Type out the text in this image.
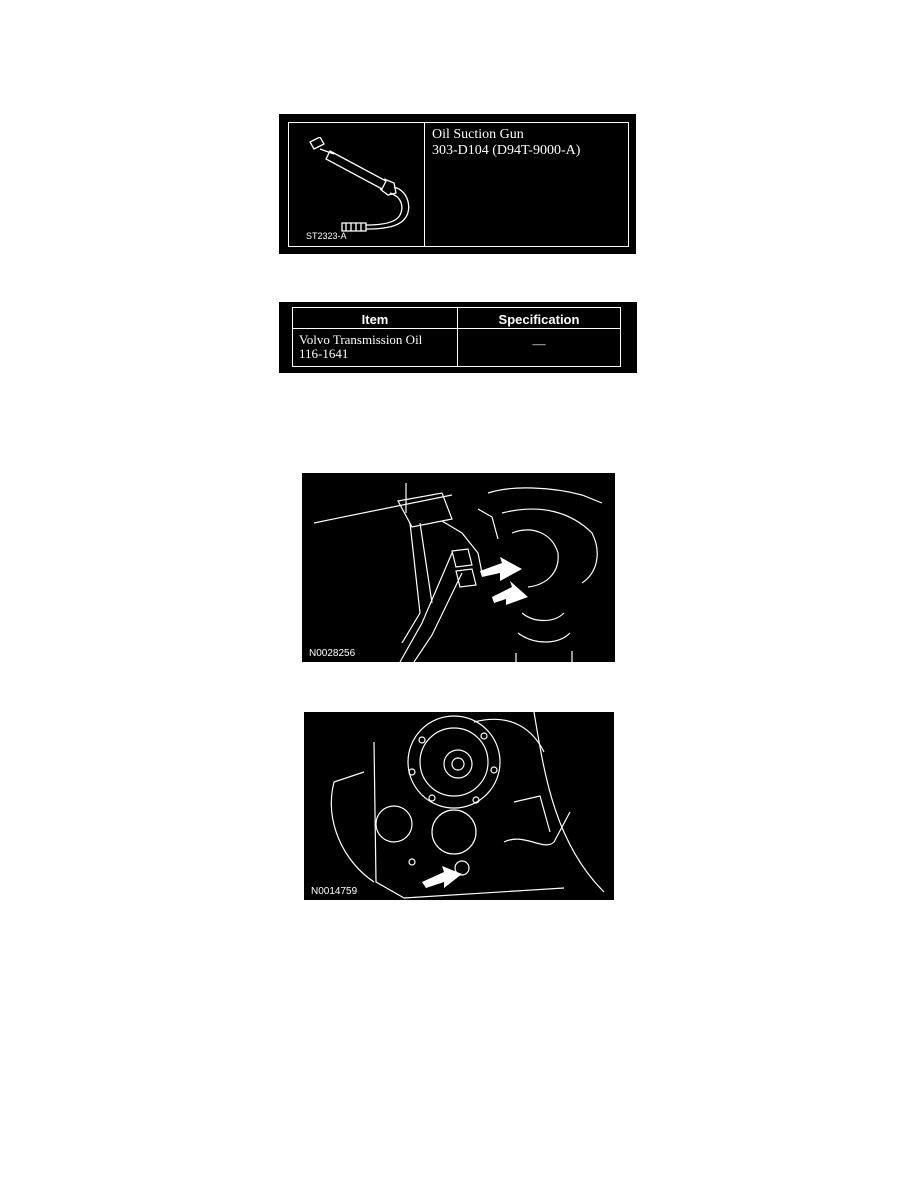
Oil Suction Gun
303-D104 (D94T-9000-A)
ST2323-A
Item	Specification
Volvo Transmission Oil
116-1641
—
N0028256
N0014759
